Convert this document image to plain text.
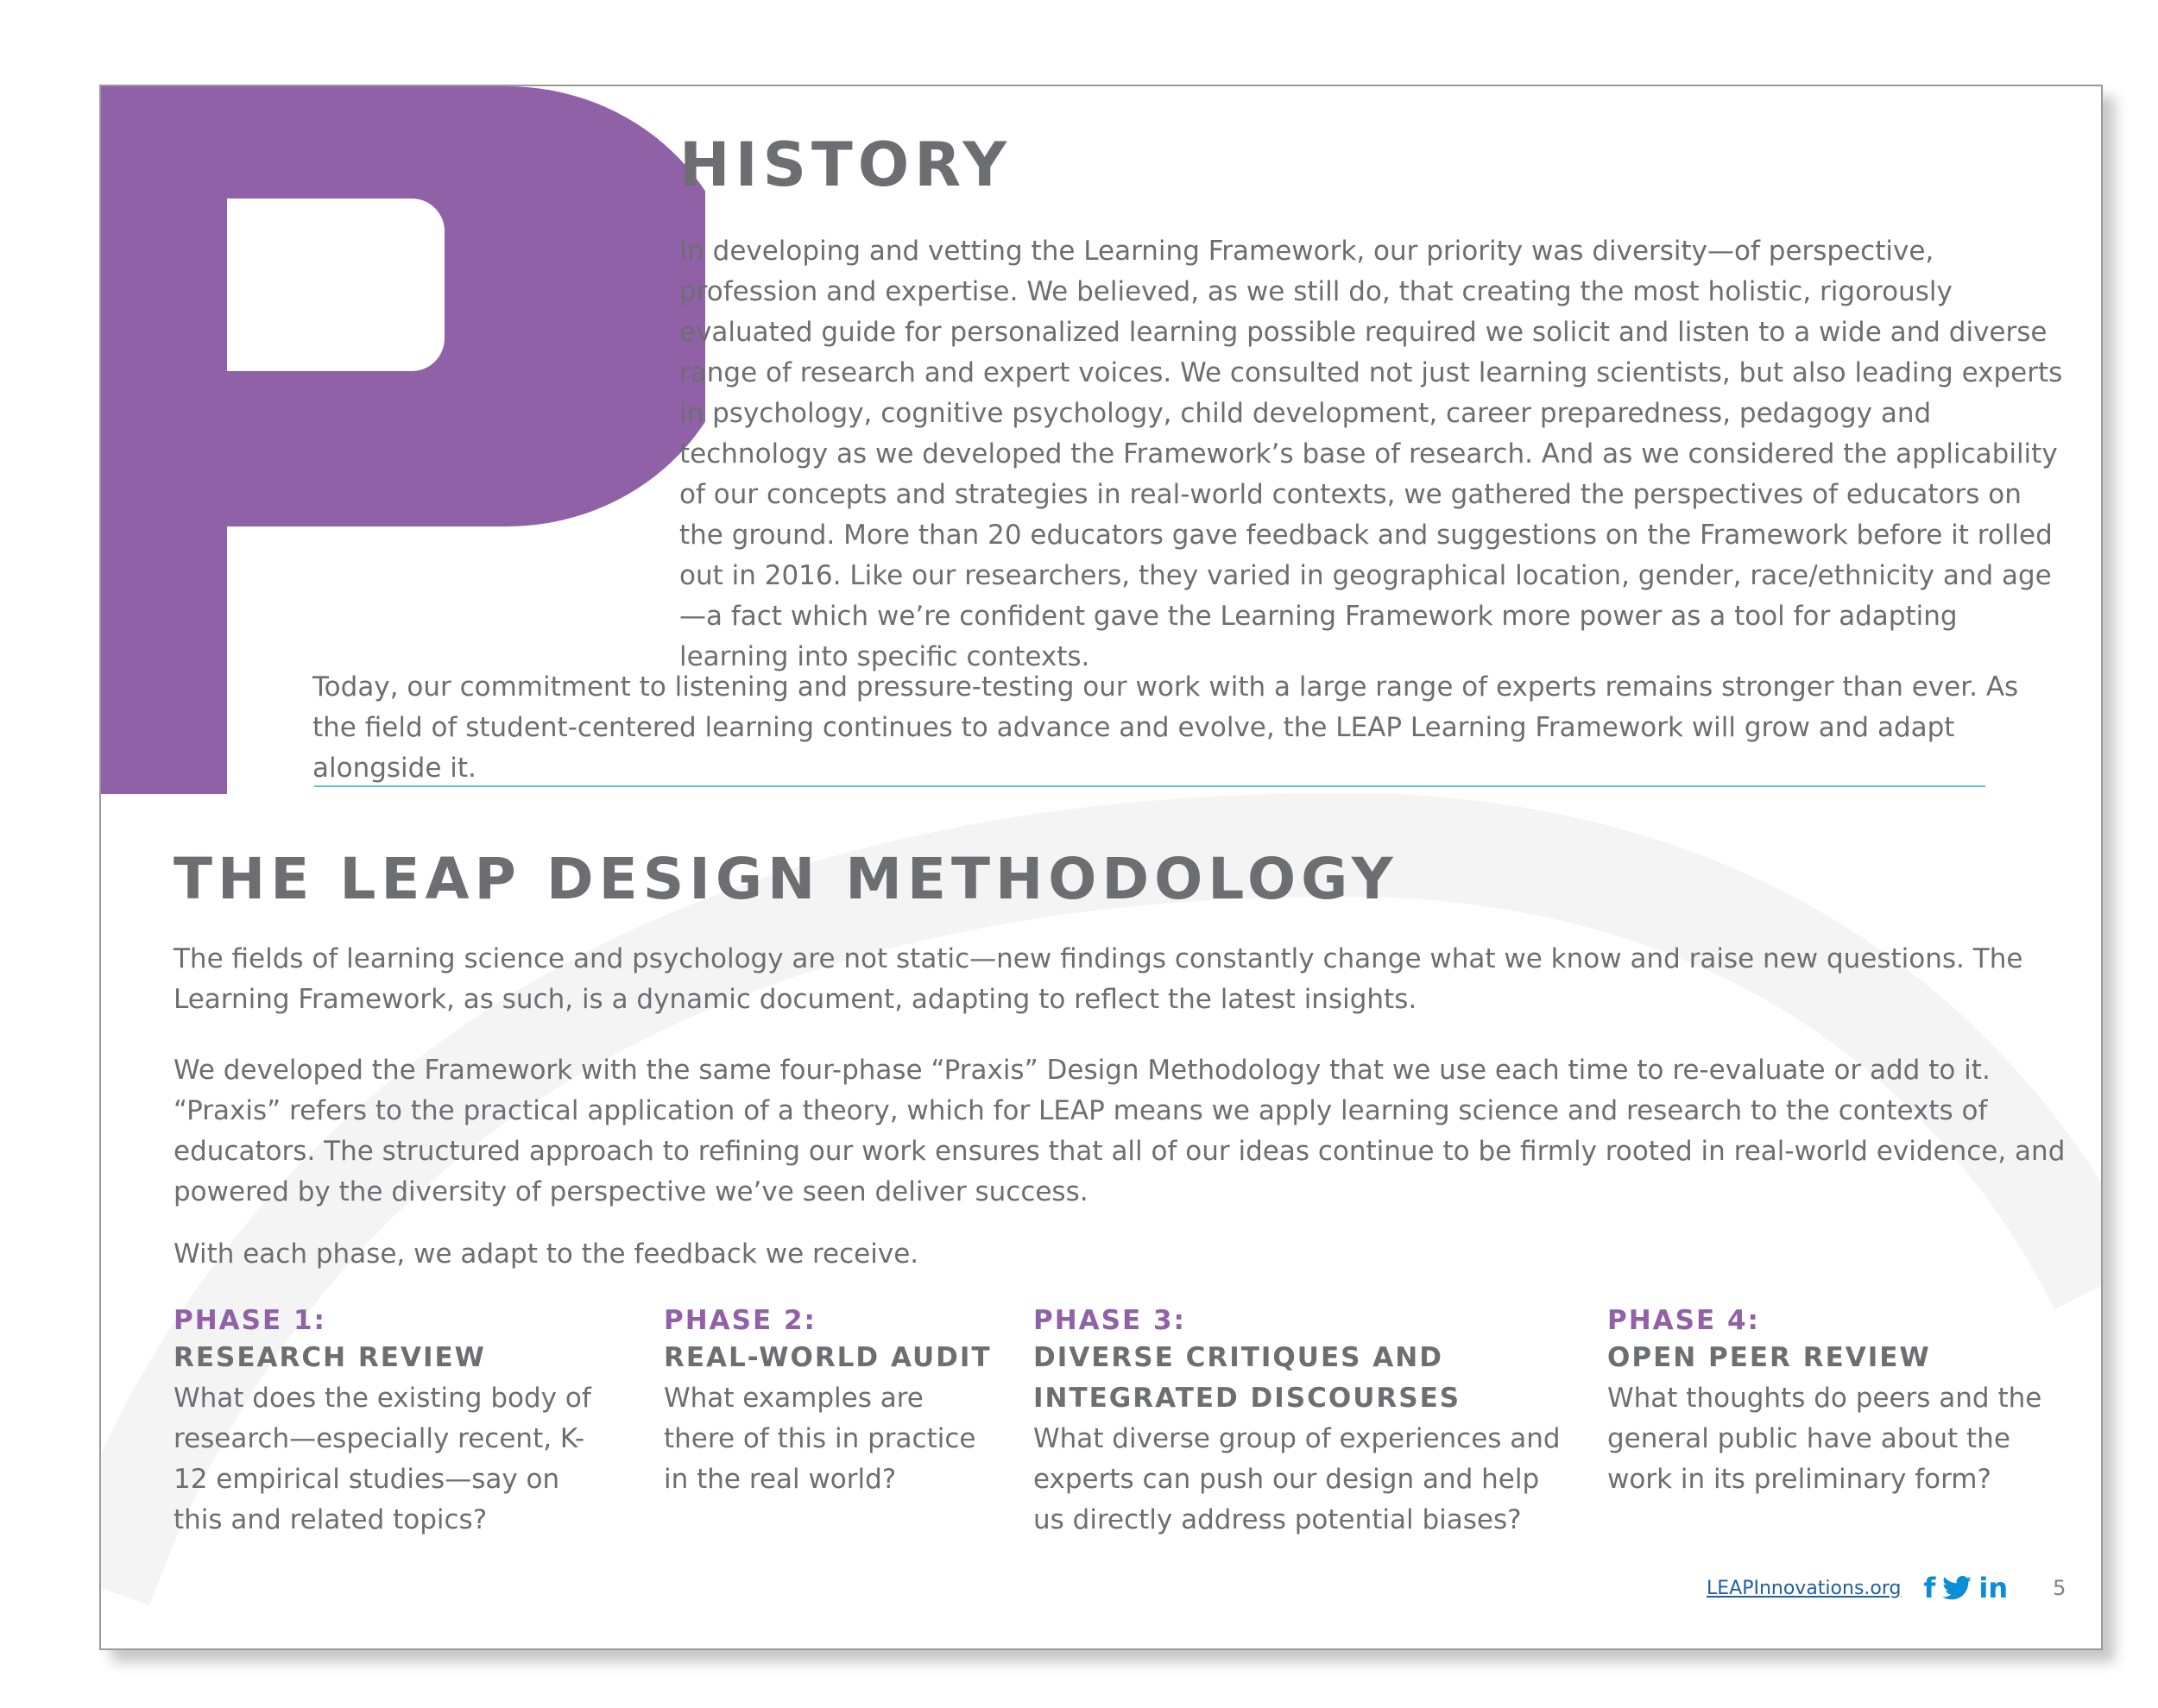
HISTORY

In developing and vetting the Learning Framework, our priority was diversity—of perspective, profession and expertise. We believed, as we still do, that creating the most holistic, rigorously evaluated guide for personalized learning possible required we solicit and listen to a wide and diverse range of research and expert voices. We consulted not just learning scientists, but also leading experts in psychology, cognitive psychology, child development, career preparedness, pedagogy and technology as we developed the Framework’s base of research. And as we considered the applicability of our concepts and strategies in real-world contexts, we gathered the perspectives of educators on the ground. More than 20 educators gave feedback and suggestions on the Framework before it rolled out in 2016. Like our researchers, they varied in geographical location, gender, race/ethnicity and age—a fact which we’re confident gave the Learning Framework more power as a tool for adapting learning into specific contexts.

Today, our commitment to listening and pressure-testing our work with a large range of experts remains stronger than ever. As the field of student-centered learning continues to advance and evolve, the LEAP Learning Framework will grow and adapt alongside it.

THE LEAP DESIGN METHODOLOGY

The fields of learning science and psychology are not static—new findings constantly change what we know and raise new questions. The Learning Framework, as such, is a dynamic document, adapting to reflect the latest insights.

We developed the Framework with the same four-phase “Praxis” Design Methodology that we use each time to re-evaluate or add to it. “Praxis” refers to the practical application of a theory, which for LEAP means we apply learning science and research to the contexts of educators. The structured approach to refining our work ensures that all of our ideas continue to be firmly rooted in real-world evidence, and powered by the diversity of perspective we’ve seen deliver success.

With each phase, we adapt to the feedback we receive.

PHASE 1:

RESEARCH REVIEW

What does the existing body of research—especially recent, K-12 empirical studies—say on this and related topics?

PHASE 2:

REAL-WORLD AUDIT

What examples are there of this in practice in the real world?

PHASE 3:

DIVERSE CRITIQUES AND INTEGRATED DISCOURSES

What diverse group of experiences and experts can push our design and help us directly address potential biases?

PHASE 4:

OPEN PEER REVIEW

What thoughts do peers and the general public have about the work in its preliminary form?

LEAPInnovations.org f in 5
